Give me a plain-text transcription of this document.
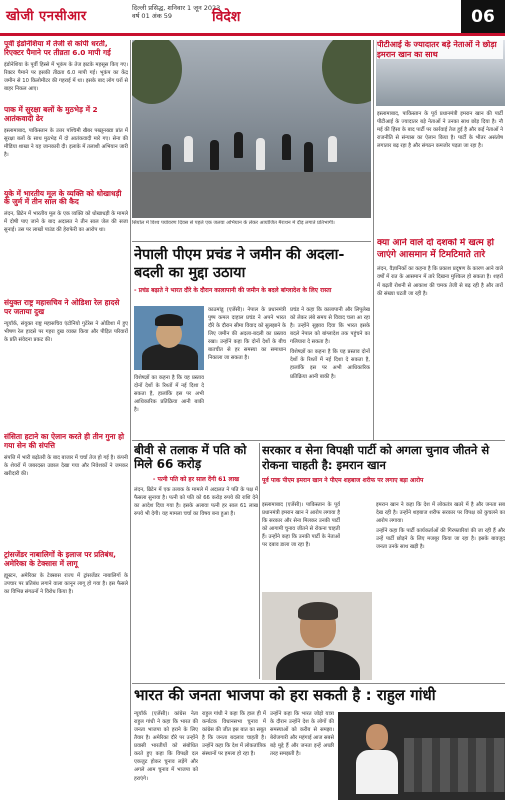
खोजी एनसीआर
दिल्ली प्रसिद्ध, शनिवार 1 जून 2023
वर्ष 01 अंक 59	विदेश	06
पूर्वी इंडोनेशिया में तेजी से कांपी धरती, रिएक्टर पैमाने पर तीव्रता 6.0 मापी गई

इंडोनेशिया के पूर्वी हिस्से में भूकंप के तेज झटके महसूस किए गए। रिक्टर पैमाने पर इसकी तीव्रता 6.0 मापी गई। भूकंप का केंद्र जमीन से 10 किलोमीटर की गहराई में था। इसके बाद लोग घरों से बाहर निकल आए।

पाक में सुरक्षा बलों के मुठभेड़ में 2 आतंकवादी ढेर

इस्लामाबाद, पाकिस्तान के उत्तर पश्चिमी खैबर पख्तूनख्वा प्रांत में सुरक्षा बलों के साथ मुठभेड़ में दो आतंकवादी मारे गए। सेना की मीडिया शाखा ने यह जानकारी दी। इलाके में तलाशी अभियान जारी है।

यूके में भारतीय मूल के व्यक्ति को धोखाधड़ी के जुर्म में तीन साल की कैद

लंदन, ब्रिटेन में भारतीय मूल के एक व्यक्ति को धोखाधड़ी के मामले में दोषी पाए जाने के बाद अदालत ने तीन साल जेल की सजा सुनाई। उस पर लाखों पाउंड की हेराफेरी का आरोप था।

संयुक्त राष्ट्र महासचिव ने ओडिशा रेल हादसे पर जताया दुख

न्यूयॉर्क, संयुक्त राष्ट्र महासचिव एंटोनियो गुटेरेस ने ओडिशा में हुए भीषण रेल हादसे पर गहरा दुख व्यक्त किया और पीड़ित परिवारों के प्रति संवेदना प्रकट की।

संसिता हटाने का ऐलान करते ही तीन गुना हो गया सेन की संपत्ति

संपत्ति में भारी बढ़ोतरी के बाद बाजार में चर्चा तेज हो गई है। कंपनी के शेयरों में जबरदस्त उछाल देखा गया और निवेशकों ने जमकर खरीदारी की।

ट्रांसजेंडर नाबालिगों के इलाज पर प्रतिबंध, अमेरिका के टेक्सास में लागू

ह्यूस्टन, अमेरिका के टेक्सास राज्य में ट्रांसजेंडर नाबालिगों के उपचार पर प्रतिबंध लगाने वाला कानून लागू हो गया है। इस फैसले का विभिन्न संगठनों ने विरोध किया है।

सियोल में विश्व पर्यावरण दिवस से पहले एक जलवा अभियान के लेकर आयोजित मैराथन में दौड़ लगाते प्रतिभागी।

नेपाली पीएम प्रचंड ने जमीन की अदला-बदली का मुद्दा उठाया
- प्रचंड बढ़ाते ने भारत दौरे के दौरान कालापानी की जमीन के बदले बांग्लादेश के लिए रास्ता

काठमांडू (एजेंसी)। नेपाल के प्रधानमंत्री पुष्प कमल दाहाल प्रचंड ने अपने भारत दौरे के दौरान सीमा विवाद को सुलझाने के लिए जमीन की अदला-बदली का प्रस्ताव रखा। उन्होंने कहा कि दोनों देशों के बीच बातचीत से हर समस्या का समाधान निकाला जा सकता है।

प्रचंड ने कहा कि कालापानी और लिपुलेख को लेकर लंबे समय से विवाद चला आ रहा है। उन्होंने सुझाव दिया कि भारत इसके बदले नेपाल को बांग्लादेश तक पहुंचने का गलियारा दे सकता है।

विशेषज्ञों का कहना है कि यह प्रस्ताव दोनों देशों के रिश्तों में नई दिशा दे सकता है, हालांकि इस पर अभी आधिकारिक प्रतिक्रिया आनी बाकी है।

विशेषज्ञों का कहना है कि यह प्रस्ताव दोनों देशों के रिश्तों में नई दिशा दे सकता है, हालांकि इस पर अभी आधिकारिक प्रतिक्रिया आनी बाकी है।

पीटीआई के ज्यादातर बड़े नेताओं ने छोड़ा इमरान खान का साथ

इस्लामाबाद, पाकिस्तान के पूर्व प्रधानमंत्री इमरान खान की पार्टी पीटीआई के ज्यादातर बड़े नेताओं ने उनका साथ छोड़ दिया है। नौ मई की हिंसा के बाद पार्टी पर कार्रवाई तेज हुई है और कई नेताओं ने राजनीति से संन्यास का ऐलान किया है। पार्टी के भीतर असंतोष लगातार बढ़ रहा है और संगठन कमजोर पड़ता जा रहा है।

क्या आने वाले दो दशकों में खत्म हो जाएंगे आसमान में टिमटिमाते तारे

लंदन, वैज्ञानिकों का कहना है कि प्रकाश प्रदूषण के कारण आने वाले वर्षों में रात के आसमान में तारे दिखना मुश्किल हो सकता है। शहरों में बढ़ती रोशनी से आकाश की चमक तेजी से बढ़ रही है और तारों की संख्या घटती जा रही है।

बीवी से तलाक में पति को मिले 66 करोड़
- पत्नी पति को हर साल देंगी 61 लाख

लंदन, ब्रिटेन में एक तलाक के मामले में अदालत ने पति के पक्ष में फैसला सुनाया है। पत्नी को पति को 66 करोड़ रुपये की राशि देने का आदेश दिया गया है। इसके अलावा पत्नी हर साल 61 लाख रुपये भी देगी। यह मामला चर्चा का विषय बना हुआ है।

सरकार व सेना विपक्षी पार्टी को अगला चुनाव जीतने से रोकना चाहती है: इमरान खान
पूर्व पाक पीएम इमरान खान ने पीएम शहबाज शरीफ पर लगाए बड़ा आरोप

इस्लामाबाद (एजेंसी)। पाकिस्तान के पूर्व प्रधानमंत्री इमरान खान ने आरोप लगाया है कि सरकार और सेना मिलकर उनकी पार्टी को आगामी चुनाव जीतने से रोकना चाहती हैं। उन्होंने कहा कि उनकी पार्टी के नेताओं पर दबाव डाला जा रहा है।

इमरान खान ने कहा कि देश में लोकतंत्र खतरे में है और जनता सब देख रही है। उन्होंने शहबाज शरीफ सरकार पर विपक्ष को कुचलने का आरोप लगाया।

उन्होंने कहा कि पार्टी कार्यकर्ताओं की गिरफ्तारियां की जा रही हैं और उन्हें पार्टी छोड़ने के लिए मजबूर किया जा रहा है। इसके बावजूद जनता उनके साथ खड़ी है।

भारत की जनता भाजपा को हरा सकती है : राहुल गांधी

न्यूयॉर्क (एजेंसी)। कांग्रेस नेता राहुल गांधी ने कहा कि भारत की जनता भाजपा को हराने के लिए तैयार है। अमेरिका दौरे पर उन्होंने प्रवासी भारतीयों को संबोधित करते हुए कहा कि विपक्षी दल एकजुट होकर चुनाव लड़ेंगे और अगले आम चुनाव में भाजपा को हराएंगे।

राहुल गांधी ने कहा कि हाल ही में कर्नाटक विधानसभा चुनाव में कांग्रेस की जीत इस बात का सबूत है कि जनता बदलाव चाहती है। उन्होंने कहा कि देश में लोकतांत्रिक संस्थानों पर हमला हो रहा है।

उन्होंने कहा कि भारत जोड़ो यात्रा के दौरान उन्होंने देश के लोगों की समस्याओं को करीब से समझा। बेरोजगारी और महंगाई आज सबसे बड़े मुद्दे हैं और जनता इन्हें अच्छी तरह समझती है।
